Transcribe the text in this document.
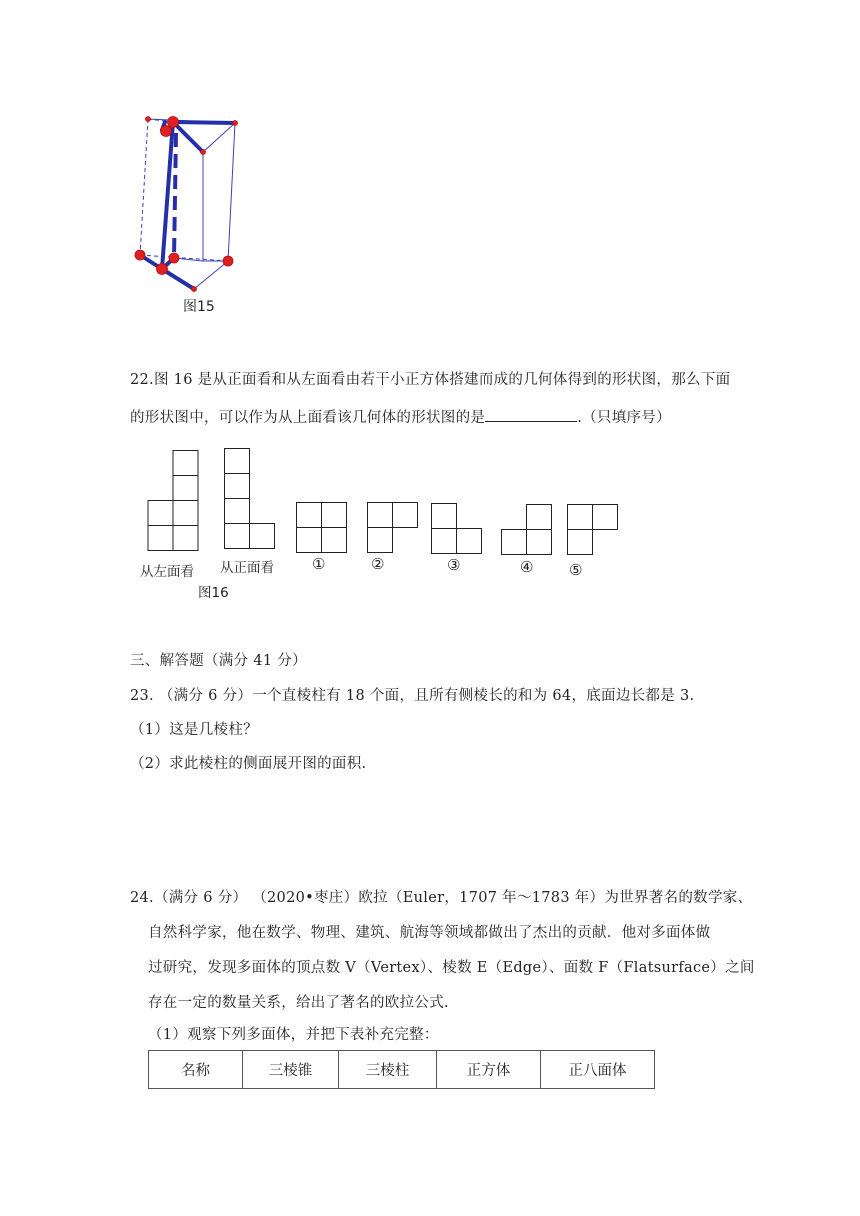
图15
22.图 16 是从正面看和从左面看由若干小正方体搭建而成的几何体得到的形状图，那么下面
的形状图中，可以作为从上面看该几何体的形状图的是	.（只填序号）
从左面看 从正面看
图16
①	②	③	④ ⑤
三、解答题（满分 41 分）
23. （满分 6 分）一个直棱柱有 18 个面，且所有侧棱长的和为 64，底面边长都是 3.
（1）这是几棱柱？
（2）求此棱柱的侧面展开图的面积.
24.（满分 6 分） （2020•枣庄）欧拉（Euler，1707 年～1783 年）为世界著名的数学家、
自然科学家，他在数学、物理、建筑、航海等领域都做出了杰出的贡献．他对多面体做
过研究，发现多面体的顶点数 V（Vertex）、棱数 E（Edge）、面数 F（Flatsurface）之间
存在一定的数量关系，给出了著名的欧拉公式.
（1）观察下列多面体，并把下表补充完整：
名称	三棱锥	三棱柱	正方体	正八面体
